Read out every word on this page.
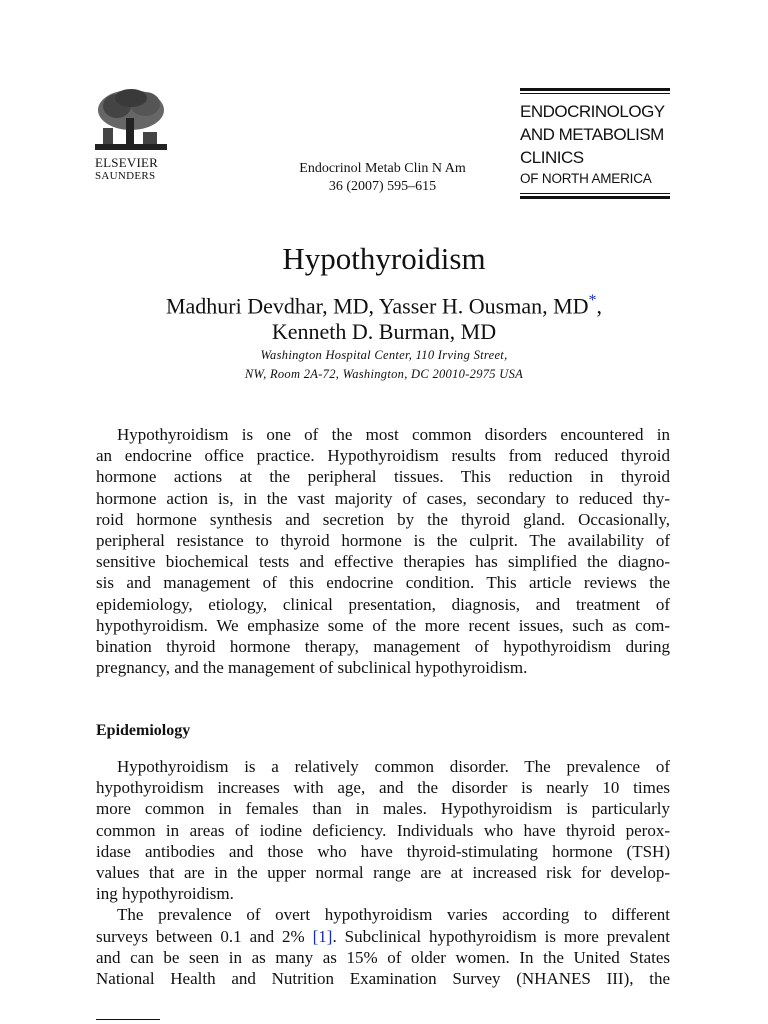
ELSEVIER
SAUNDERS	Endocrinol Metab Clin N Am
36 (2007) 595–615
ENDOCRINOLOGY
AND METABOLISM
CLINICS
OF NORTH AMERICA
Hypothyroidism
Madhuri Devdhar, MD, Yasser H. Ousman, MD*,
Kenneth D. Burman, MD
Washington Hospital Center, 110 Irving Street,
NW, Room 2A-72, Washington, DC 20010-2975 USA
Hypothyroidism is one of the most common disorders encountered in
an endocrine office practice. Hypothyroidism results from reduced thyroid
hormone actions at the peripheral tissues. This reduction in thyroid
hormone action is, in the vast majority of cases, secondary to reduced thy-
roid hormone synthesis and secretion by the thyroid gland. Occasionally,
peripheral resistance to thyroid hormone is the culprit. The availability of
sensitive biochemical tests and effective therapies has simplified the diagno-
sis and management of this endocrine condition. This article reviews the
epidemiology, etiology, clinical presentation, diagnosis, and treatment of
hypothyroidism. We emphasize some of the more recent issues, such as com-
bination thyroid hormone therapy, management of hypothyroidism during
pregnancy, and the management of subclinical hypothyroidism.
Epidemiology
Hypothyroidism is a relatively common disorder. The prevalence of
hypothyroidism increases with age, and the disorder is nearly 10 times
more common in females than in males. Hypothyroidism is particularly
common in areas of iodine deficiency. Individuals who have thyroid perox-
idase antibodies and those who have thyroid-stimulating hormone (TSH)
values that are in the upper normal range are at increased risk for develop-
ing hypothyroidism.
The prevalence of overt hypothyroidism varies according to different
surveys between 0.1 and 2% [1]. Subclinical hypothyroidism is more prevalent
and can be seen in as many as 15% of older women. In the United States
National Health and Nutrition Examination Survey (NHANES III), the
